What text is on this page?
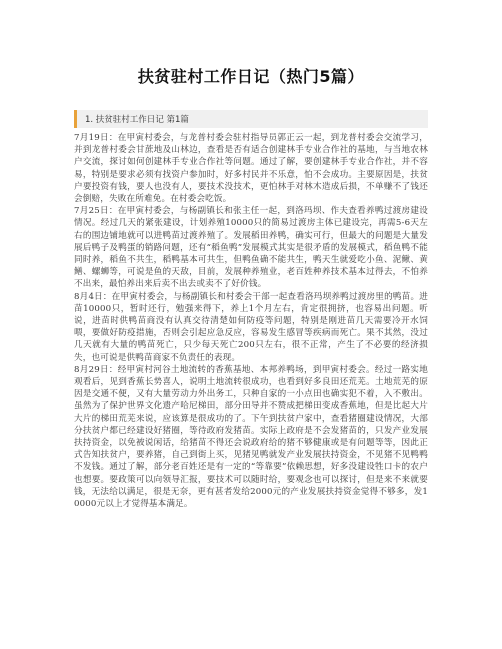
扶贫驻村工作日记（热门5篇）
1. 扶贫驻村工作日记 第1篇

7月19日：在甲寅村委会，与龙普村委会驻村指导员郭正云一起，到龙普村委会交流学习，并到龙普村委会甘蔗地及山林边，查看是否有适合创建林手专业合作社的基地，与当地农林户交流，探讨如何创建林手专业合作社等问题。通过了解，要创建林手专业合作社，并不容易，特别是要求必须有找资户参加时，好多村民并不乐意，怕不会成功。主要原因是，扶贫户要投资有钱，要人也没有人，要技术没技术，更怕林手对林木造成后损，不单赚不了钱还会倒赔，失败在所难免。在村委会吃饭。

7月25日：在甲寅村委会，与杨副镇长和张主任一起，到洛玛坝、作夫查看养鸭过渡房建设情况。经过几天的紧张建设，计划养殖10000只的简易过渡房主体已建设完，再需5-6天左右的围边铺地就可以进鸭苗过渡养殖了。发展稻田养鸭，确实可行，但最大的问题是大量发展后鸭子及鸭蛋的销路问题，还有“稻鱼鸭”发展模式其实是很矛盾的发展模式，稻鱼鸭不能同时养，稻鱼不共生，稻鸭基本可共生，但鸭鱼确不能共生，鸭天生就爱吃小鱼、泥鳅、黄鳝、螺蛳等，可说是鱼的天敌，目前，发展种养殖业，老百姓种养技术基本过得去，不怕养不出来，最怕养出来后卖不出去或卖不了好价钱。

8月4日：在甲寅村委会，与杨副镇长和村委会干部一起查看洛玛坝养鸭过渡房里的鸭苗。进苗10000只，暂时还行，勉强来得下，养上1个月左右，肯定很拥挤，也容易出问题。听说，进苗时供鸭苗商没有认真交待清楚如何防疫等问题，特别是刚进苗几天需要冷开水饲喂，要做好防疫措施，否则会引起应急反应，容易发生感冒等疾病而死亡。果不其然，没过几天就有大量的鸭苗死亡，只少每天死亡200只左右，很不正常，产生了不必要的经济损失，也可说是供鸭苗商家不负责任的表现。

8月29日：经甲寅村河谷土地流转的香蕉基地、本邦养鸭场，到甲寅村委会。经过一路实地观看后，见到香蕉长势喜人，说明土地流转很成功，也看到好多良田还荒芜。土地荒芜的原因是交通不便，又有大量劳动力外出务工，只种自家的一小点田也确实犯不着，入不敷出。虽然为了保护世界文化遗产哈尼梯田，部分田导并不赞成把梯田变成香蕉地，但是比起大片大片的梯田荒芜来说，应该算是很成功的了。下午到扶贫户家中，查看猪圈建设情况，大部分扶贫户都已经建设好猪圈，等待政府发猪苗。实际上政府是不会发猪苗的，只发产业发展扶持资金，以免被说闲话，给猪苗不得还会说政府给的猪不够健康或是有问题等等，因此正式告知扶贫户，要养猪，自己到街上买，见猪见鸭就发产业发展扶持资金，不见猪不见鸭鸭不发钱。通过了解，部分老百姓还是有一定的“等靠要”依赖思想，好多没建设牲口卡的农户也想要。要政策可以向领导汇报，要技术可以随时给，要观念也可以探讨，但是来不来就要钱，无法给以满足，很是无奈，更有甚者发给2000元的产业发展扶持资金觉得不够多，发10000元以上才觉得基本满足。
